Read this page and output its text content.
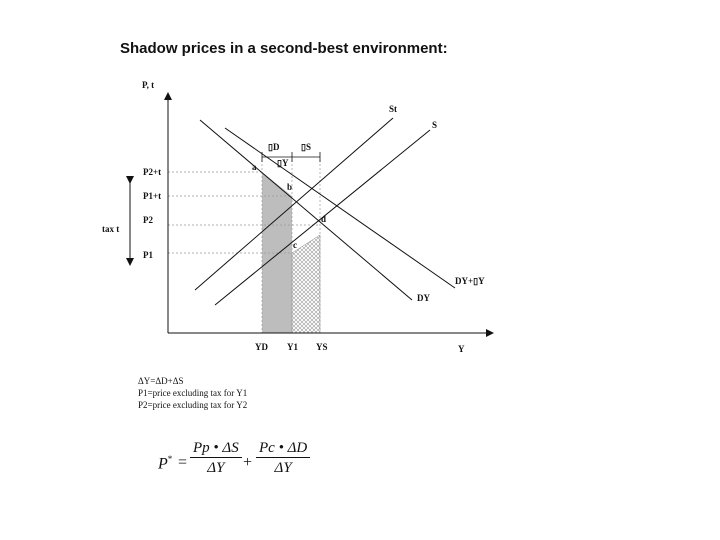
Shadow prices in a second-best environment:
P, t
Y
P2+t
P1+t
P2
P1
tax t
St
S
DY
DY+▯Y
a
b
c
d
▯D ▯S
▯Y
YD Y1 YS
ΔY=ΔD+ΔS
P1=price excluding tax for Y1
P2=price excluding tax for Y2
$P^* = \frac{Pp • \Delta S}{\Delta Y} + \frac{Pc • \Delta D}{\Delta Y}$
